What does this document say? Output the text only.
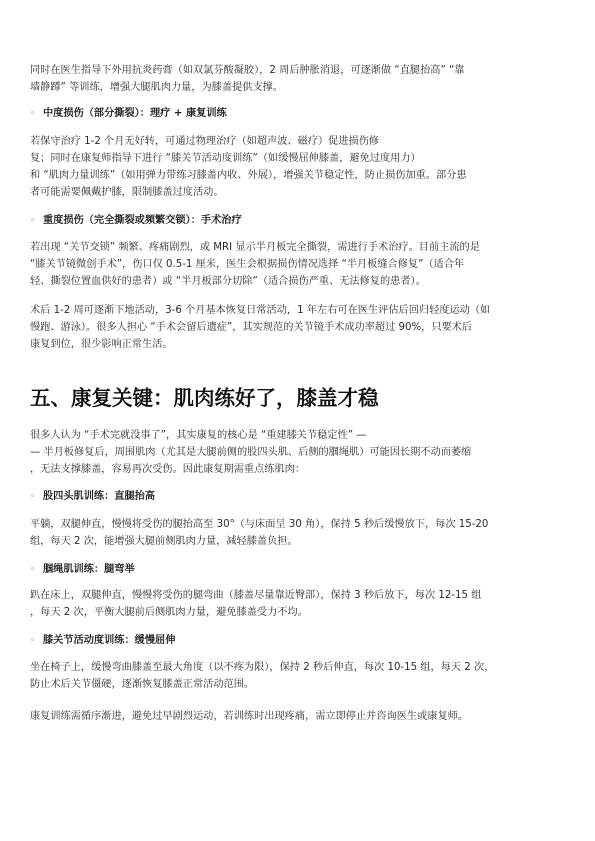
同时在医生指导下外用抗炎药膏（如双氯芬酸凝胶），2 周后肿胀消退，可逐渐做 “直腿抬高” “靠
墙静蹲” 等训练，增强大腿肌肉力量，为膝盖提供支撑。
◦ 中度损伤（部分撕裂）：理疗 + 康复训练
若保守治疗 1-2 个月无好转，可通过物理治疗（如超声波、磁疗）促进损伤修
复；同时在康复师指导下进行 “膝关节活动度训练”（如缓慢屈伸膝盖，避免过度用力）
和 “肌肉力量训练”（如用弹力带练习膝盖内收、外展），增强关节稳定性，防止损伤加重。部分患
者可能需要佩戴护膝，限制膝盖过度活动。
◦ 重度损伤（完全撕裂或频繁交锁）：手术治疗
若出现 “关节交锁” 频繁、疼痛剧烈，或 MRI 显示半月板完全撕裂，需进行手术治疗。目前主流的是
“膝关节镜微创手术”，伤口仅 0.5-1 厘米，医生会根据损伤情况选择 “半月板缝合修复”（适合年
轻、撕裂位置血供好的患者）或 “半月板部分切除”（适合损伤严重、无法修复的患者）。
术后 1-2 周可逐渐下地活动，3-6 个月基本恢复日常活动，1 年左右可在医生评估后回归轻度运动（如
慢跑、游泳）。很多人担心 “手术会留后遗症”，其实规范的关节镜手术成功率超过 90%，只要术后
康复到位，很少影响正常生活。
五、康复关键：肌肉练好了，膝盖才稳
很多人认为 “手术完就没事了”，其实康复的核心是 “重建膝关节稳定性” —
— 半月板修复后，周围肌肉（尤其是大腿前侧的股四头肌、后侧的腘绳肌）可能因长期不动而萎缩
，无法支撑膝盖，容易再次受伤。因此康复期需重点练肌肉：
◦ 股四头肌训练：直腿抬高
平躺，双腿伸直，慢慢将受伤的腿抬高至 30°（与床面呈 30 角），保持 5 秒后缓慢放下，每次 15-20
组，每天 2 次，能增强大腿前侧肌肉力量，减轻膝盖负担。
◦ 腘绳肌训练：腿弯举
趴在床上，双腿伸直，慢慢将受伤的腿弯曲（膝盖尽量靠近臀部），保持 3 秒后放下，每次 12-15 组
，每天 2 次，平衡大腿前后侧肌肉力量，避免膝盖受力不均。
◦ 膝关节活动度训练：缓慢屈伸
坐在椅子上，缓慢弯曲膝盖至最大角度（以不疼为限），保持 2 秒后伸直，每次 10-15 组，每天 2 次，
防止术后关节僵硬，逐渐恢复膝盖正常活动范围。
康复训练需循序渐进，避免过早剧烈运动，若训练时出现疼痛，需立即停止并咨询医生或康复师。
